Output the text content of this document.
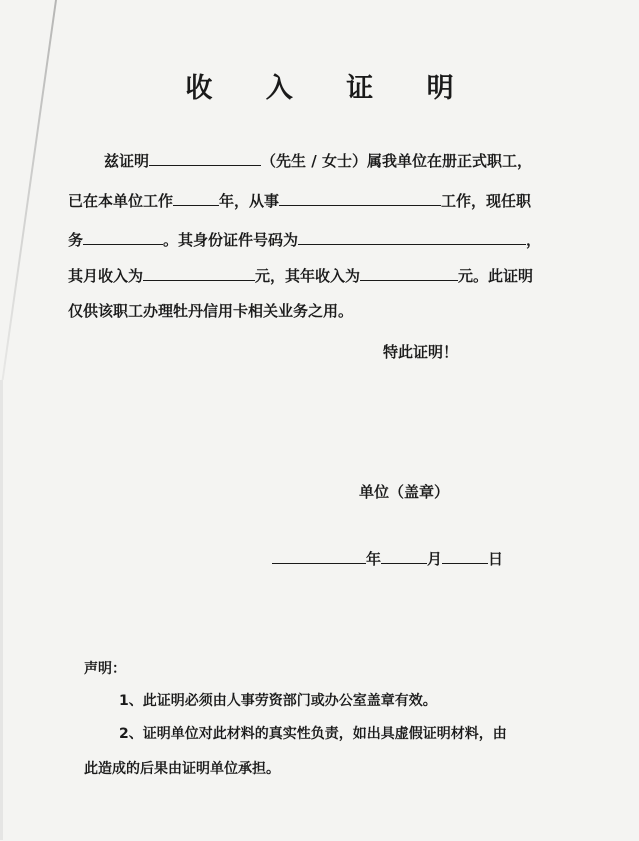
收 入 证 明
兹证明	（先生 / 女士）属我单位在册正式职工，
已在本单位工作	年，从事	工作，现任职
务	。其身份证件号码为	，
其月收入为	元，其年收入为	元。此证明
仅供该职工办理牡丹信用卡相关业务之用。
特此证明！
单位（盖章）
年	月	日
声明：
1、此证明必须由人事劳资部门或办公室盖章有效。
2、证明单位对此材料的真实性负责，如出具虚假证明材料，由
此造成的后果由证明单位承担。
